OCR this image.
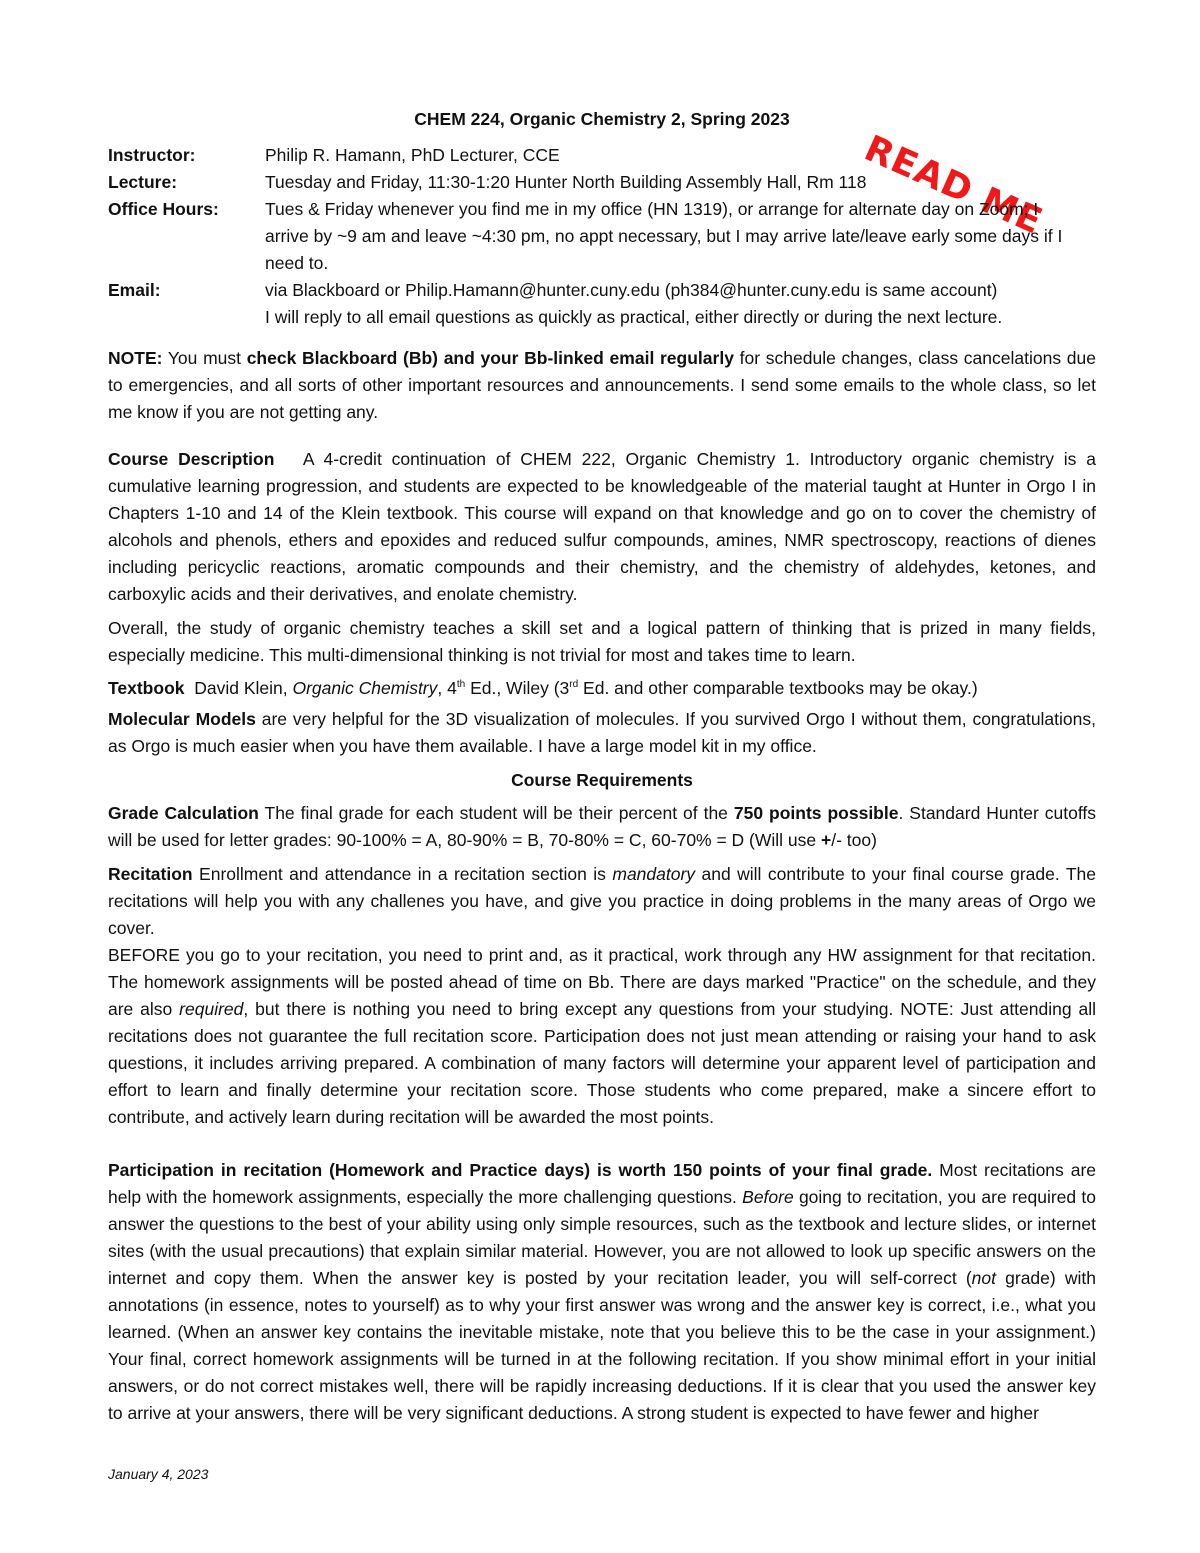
CHEM 224, Organic Chemistry 2, Spring 2023
READ ME
Instructor:	Philip R. Hamann, PhD Lecturer, CCE
Lecture:	Tuesday and Friday, 11:30-1:20 Hunter North Building Assembly Hall, Rm 118
Office Hours:	Tues & Friday whenever you find me in my office (HN 1319), or arrange for alternate day on Zoom; I arrive by ~9 am and leave ~4:30 pm, no appt necessary, but I may arrive late/leave early some days if I need to.
Email:	via Blackboard or Philip.Hamann@hunter.cuny.edu (ph384@hunter.cuny.edu is same account)
I will reply to all email questions as quickly as practical, either directly or during the next lecture.
NOTE: You must check Blackboard (Bb) and your Bb-linked email regularly for schedule changes, class cancelations due to emergencies, and all sorts of other important resources and announcements. I send some emails to the whole class, so let me know if you are not getting any.
Course Description A 4-credit continuation of CHEM 222, Organic Chemistry 1. Introductory organic chemistry is a cumulative learning progression, and students are expected to be knowledgeable of the material taught at Hunter in Orgo I in Chapters 1-10 and 14 of the Klein textbook. This course will expand on that knowledge and go on to cover the chemistry of alcohols and phenols, ethers and epoxides and reduced sulfur compounds, amines, NMR spectroscopy, reactions of dienes including pericyclic reactions, aromatic compounds and their chemistry, and the chemistry of aldehydes, ketones, and carboxylic acids and their derivatives, and enolate chemistry.
Overall, the study of organic chemistry teaches a skill set and a logical pattern of thinking that is prized in many fields, especially medicine. This multi-dimensional thinking is not trivial for most and takes time to learn.
Textbook David Klein, Organic Chemistry, 4th Ed., Wiley (3rd Ed. and other comparable textbooks may be okay.)
Molecular Models are very helpful for the 3D visualization of molecules. If you survived Orgo I without them, congratulations, as Orgo is much easier when you have them available. I have a large model kit in my office.
Course Requirements
Grade Calculation The final grade for each student will be their percent of the 750 points possible. Standard Hunter cutoffs will be used for letter grades: 90-100% = A, 80-90% = B, 70-80% = C, 60-70% = D (Will use +/- too)
Recitation Enrollment and attendance in a recitation section is mandatory and will contribute to your final course grade. The recitations will help you with any challenes you have, and give you practice in doing problems in the many areas of Orgo we cover.
BEFORE you go to your recitation, you need to print and, as it practical, work through any HW assignment for that recitation. The homework assignments will be posted ahead of time on Bb. There are days marked "Practice" on the schedule, and they are also required, but there is nothing you need to bring except any questions from your studying. NOTE: Just attending all recitations does not guarantee the full recitation score. Participation does not just mean attending or raising your hand to ask questions, it includes arriving prepared. A combination of many factors will determine your apparent level of participation and effort to learn and finally determine your recitation score. Those students who come prepared, make a sincere effort to contribute, and actively learn during recitation will be awarded the most points.
Participation in recitation (Homework and Practice days) is worth 150 points of your final grade. Most recitations are help with the homework assignments, especially the more challenging questions. Before going to recitation, you are required to answer the questions to the best of your ability using only simple resources, such as the textbook and lecture slides, or internet sites (with the usual precautions) that explain similar material. However, you are not allowed to look up specific answers on the internet and copy them. When the answer key is posted by your recitation leader, you will self-correct (not grade) with annotations (in essence, notes to yourself) as to why your first answer was wrong and the answer key is correct, i.e., what you learned. (When an answer key contains the inevitable mistake, note that you believe this to be the case in your assignment.) Your final, correct homework assignments will be turned in at the following recitation. If you show minimal effort in your initial answers, or do not correct mistakes well, there will be rapidly increasing deductions. If it is clear that you used the answer key to arrive at your answers, there will be very significant deductions. A strong student is expected to have fewer and higher
January 4, 2023
